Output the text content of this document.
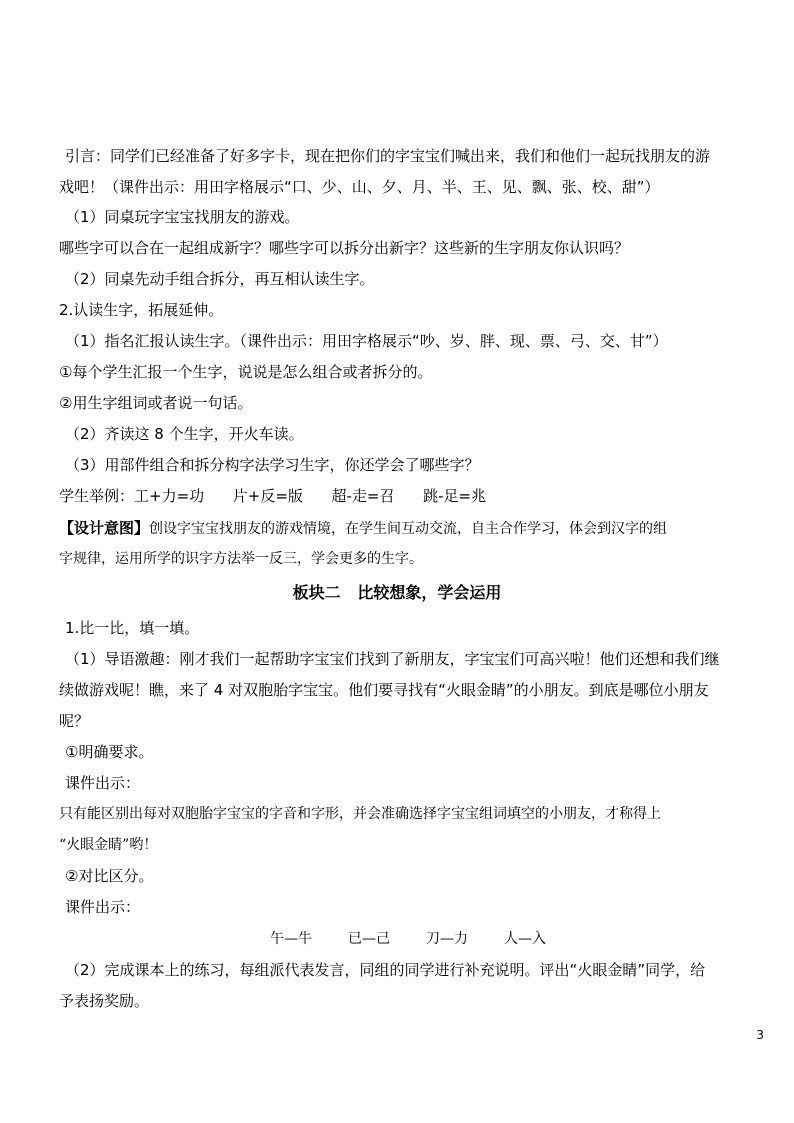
引言：同学们已经准备了好多字卡，现在把你们的字宝宝们喊出来，我们和他们一起玩找朋友的游
戏吧！（课件出示：用田字格展示“口、少、山、夕、月、半、王、见、飘、张、校、甜”）
（1）同桌玩字宝宝找朋友的游戏。
哪些字可以合在一起组成新字？哪些字可以拆分出新字？这些新的生字朋友你认识吗？
（2）同桌先动手组合拆分，再互相认读生字。
2.认读生字，拓展延伸。
（1）指名汇报认读生字。（课件出示：用田字格展示“吵、岁、胖、现、票、弓、交、甘”）
①每个学生汇报一个生字，说说是怎么组合或者拆分的。
②用生字组词或者说一句话。
（2）齐读这 8 个生字，开火车读。
（3）用部件组合和拆分构字法学习生字，你还学会了哪些字？
学生举例：工+力=功      片+反=版      超-走=召      跳-足=兆
【设计意图】创设字宝宝找朋友的游戏情境，在学生间互动交流，自主合作学习，体会到汉字的组
字规律，运用所学的识字方法举一反三，学会更多的生字。
板块二   比较想象，学会运用
1.比一比，填一填。
（1）导语激趣：刚才我们一起帮助字宝宝们找到了新朋友，字宝宝们可高兴啦！他们还想和我们继
续做游戏呢！瞧，来了 4 对双胞胎字宝宝。他们要寻找有“火眼金睛”的小朋友。到底是哪位小朋友
呢？
①明确要求。
课件出示：
只有能区别出每对双胞胎字宝宝的字音和字形，并会准确选择字宝宝组词填空的小朋友，才称得上
“火眼金睛”哟！
②对比区分。
课件出示：
午—牛	已—己	刀—力	人—入
（2）完成课本上的练习，每组派代表发言，同组的同学进行补充说明。评出“火眼金睛”同学，给
予表扬奖励。
3
